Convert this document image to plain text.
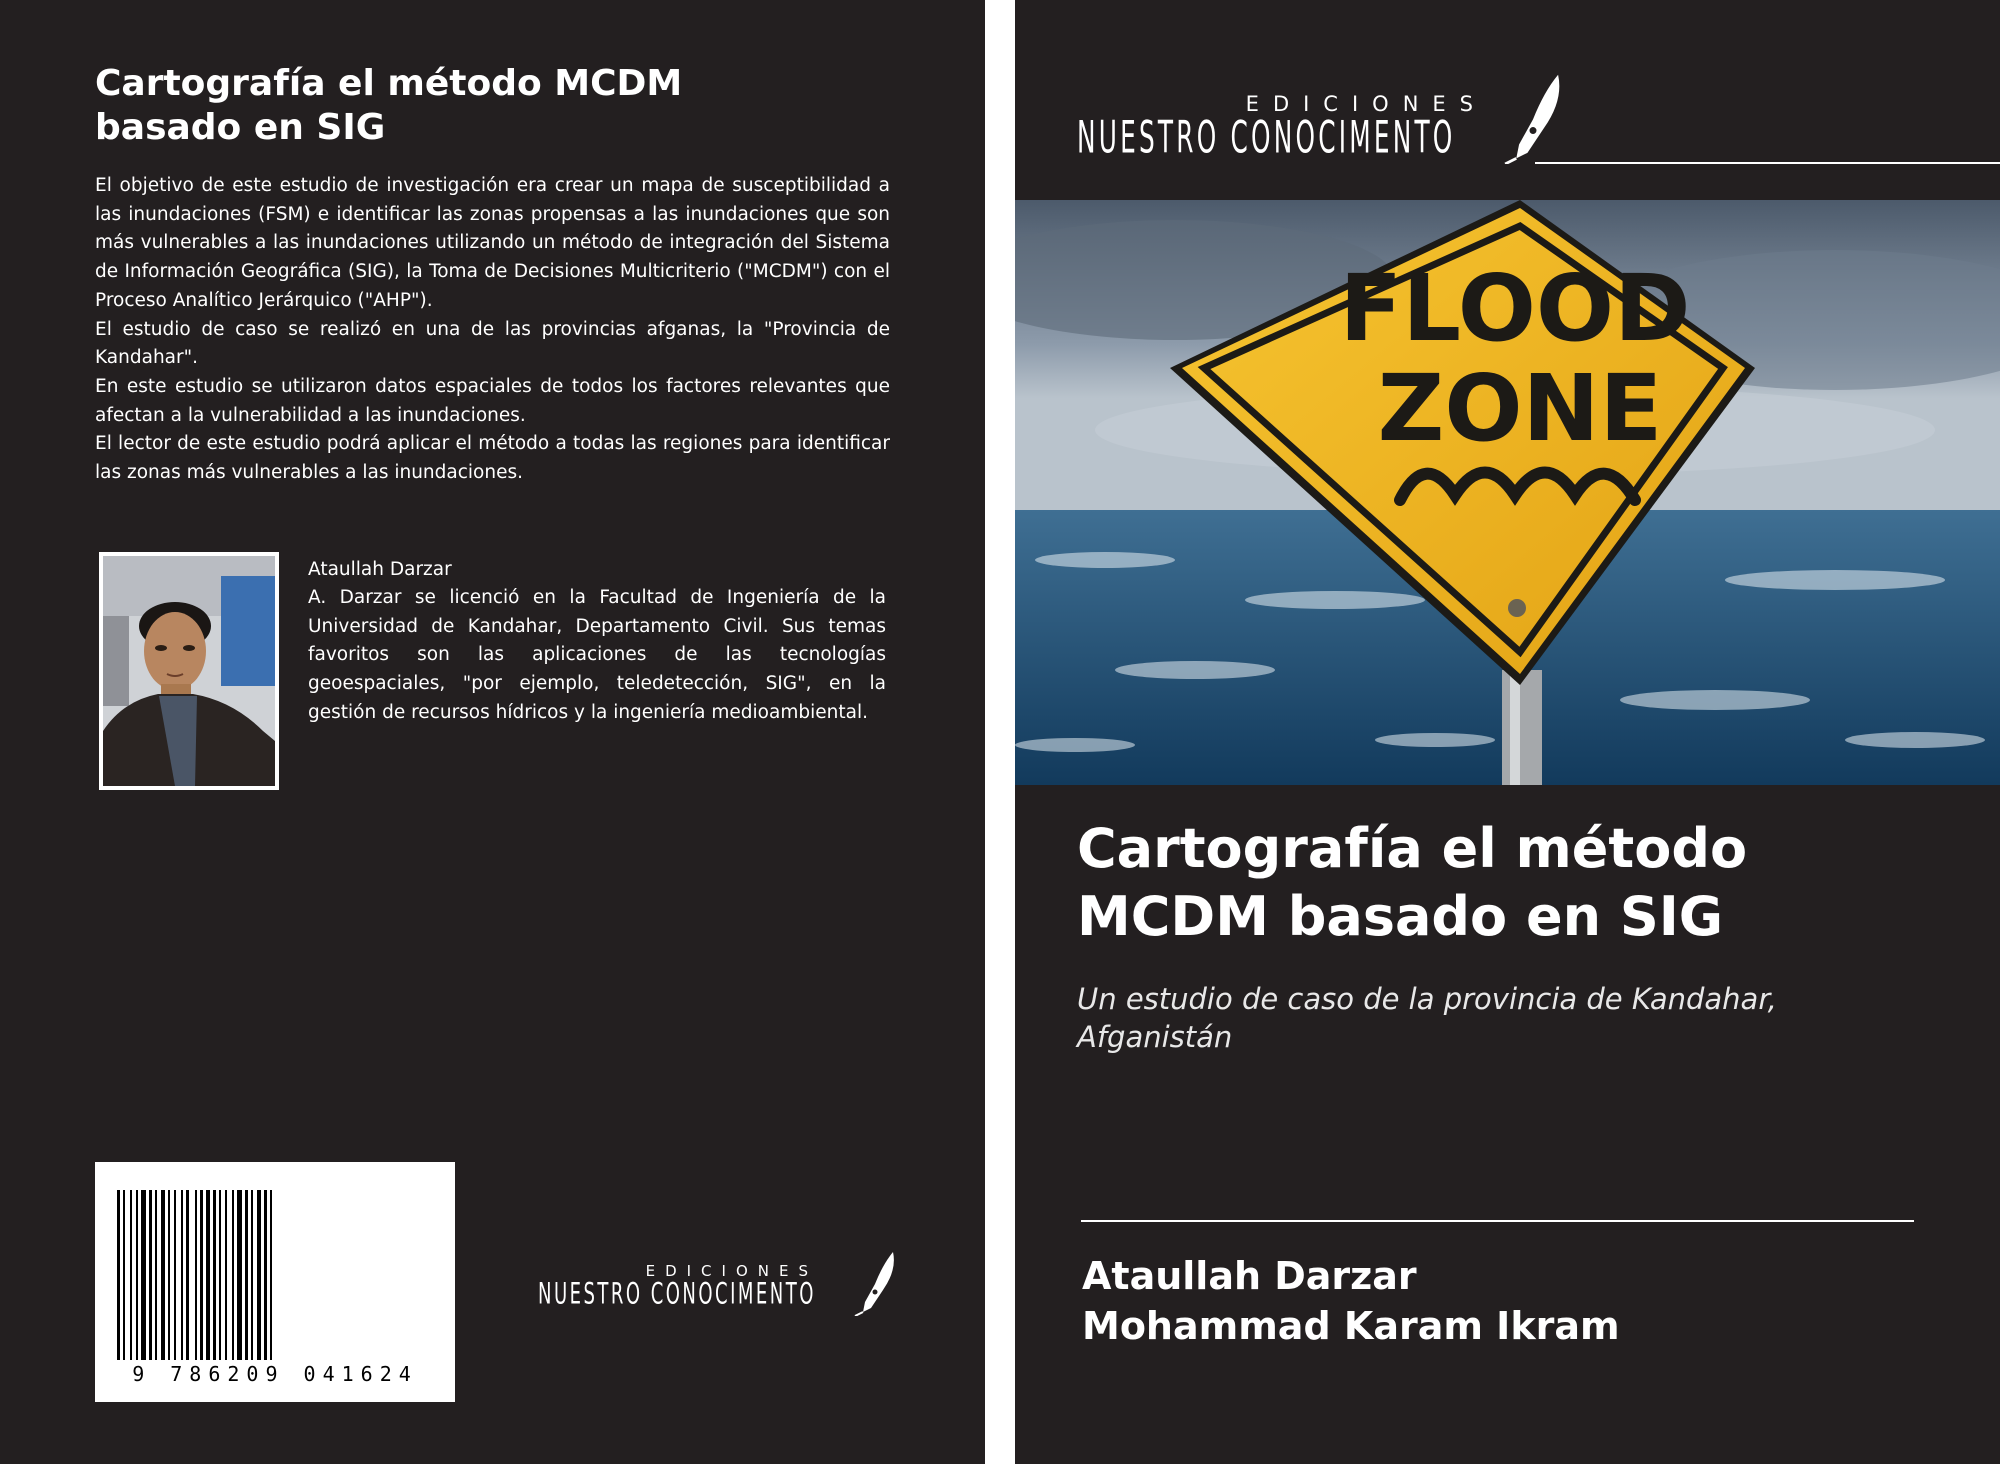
Cartografía el método MCDM
basado en SIG

El objetivo de este estudio de investigación era crear un mapa de susceptibilidad a las inundaciones (FSM) e identificar las zonas propensas a las inundaciones que son más vulnerables a las inundaciones utilizando un método de integración del Sistema de Información Geográfica (SIG), la Toma de Decisiones Multicriterio ("MCDM") con el Proceso Analítico Jerárquico ("AHP").

El estudio de caso se realizó en una de las provincias afganas, la "Provincia de Kandahar".

En este estudio se utilizaron datos espaciales de todos los factores relevantes que afectan a la vulnerabilidad a las inundaciones.

El lector de este estudio podrá aplicar el método a todas las regiones para identificar las zonas más vulnerables a las inundaciones.

Ataullah Darzar

A. Darzar se licenció en la Facultad de Ingeniería de la Universidad de Kandahar, Departamento Civil. Sus temas favoritos son las aplicaciones de las tecnologías geoespaciales, "por ejemplo, teledetección, SIG", en la gestión de recursos hídricos y la ingeniería medioambiental.

9 786209 041624
EDICIONES
NUESTRO CONOCIMENTO
EDICIONES
NUESTRO CONOCIMENTO
FLOOD
ZONE
Cartografía el método
MCDM basado en SIG

Un estudio de caso de la provincia de Kandahar, Afganistán

Ataullah Darzar
Mohammad Karam Ikram
